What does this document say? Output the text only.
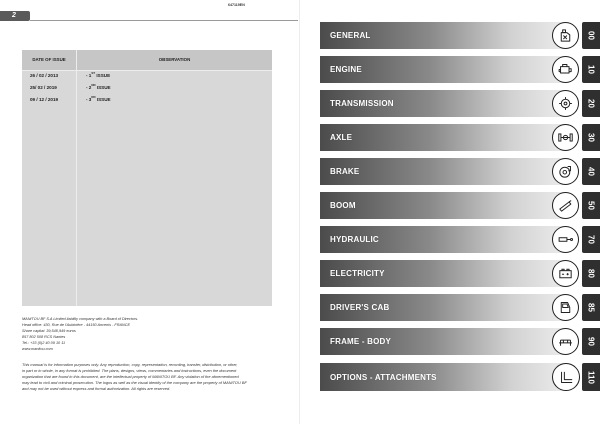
2
647119EN
DATE OF ISSUE	OBSERVATION
26 / 02 / 2013	- 1ST ISSUE
25/ 02 / 2019	- 2ND ISSUE
09 / 12 / 2019	- 3RD ISSUE
MANITOU BF S.A Limited liability company with a Board of Directors.
Head office: 430, Rue de l'Aubinière - 44150 Ancenis - FRANCE
Share capital: 39,548,949 euros
857 802 508 RCS Nantes
Tel.: +33 (0)2 40 09 10 11
www.manitou.com
This manual is for information purposes only. Any reproduction, copy, representation, recording, transfer, distribution, or other,
in part or in whole, in any format is prohibited. The plans, designs, views, commentaries and instructions, even the document
organization that are found in this document, are the intellectual property of MANITOU BF. Any violation of the aforementioned
may lead to civil and criminal prosecution. The logos as well as the visual identity of the company are the property of MANITOU BF
and may not be used without express and formal authorization. All rights are reserved.
GENERAL	00
ENGINE	10
TRANSMISSION	20
AXLE	30
BRAKE	40
BOOM	50
HYDRAULIC	70
ELECTRICITY	80
DRIVER'S CAB	85
FRAME - BODY	90
OPTIONS - ATTACHMENTS	110
